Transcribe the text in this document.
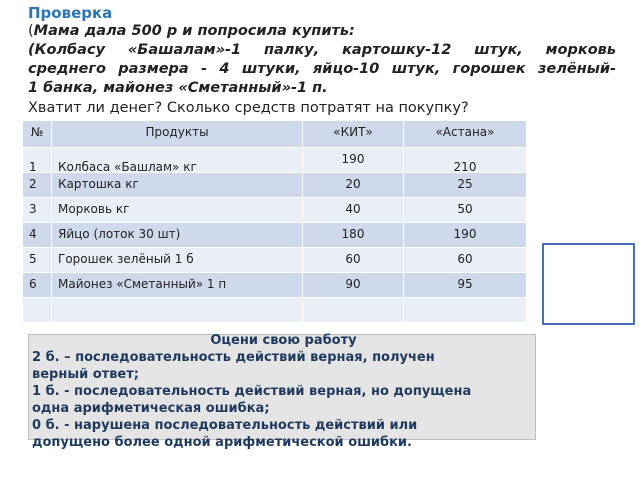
Проверка
(Мама дала 500 р и попросила купить:
(Колбасу «Башалам»-1 палку, картошку-12 штук, морковь
среднего размера - 4 штуки, яйцо-10 штук, горошек зелёный-
1 банка, майонез «Сметанный»-1 п.
Хватит ли денег? Сколько средств потратят на покупку?
№	Продукты	«КИТ»	«Астана»

1	Колбаса «Башлам» кг	190	210

2	Картошка кг	20	25

3	Морковь кг	40	50

4	Яйцо (лоток 30 шт)	180	190

5	Горошек зелёный 1 б	60	60

6	Майонез «Сметанный» 1 п	90	95

Оцени свою работу
2 б. – последовательность действий верная, получен
верный ответ;
1 б. - последовательность действий верная, но допущена
одна арифметическая ошибка;
0 б. - нарушена последовательность действий или
допущено более одной арифметической ошибки.
